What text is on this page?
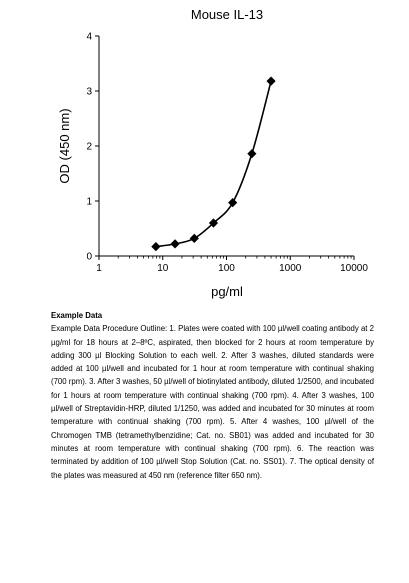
Mouse IL-13
OD (450 nm)
pg/ml
0
1
2
3
4
1	10	100	1000	10000

Example Data

Example Data Procedure Outline: 1. Plates were coated with 100 µl/well coating antibody at 2 µg/ml for 18 hours at 2–8ºC, aspirated, then blocked for 2 hours at room temperature by adding 300 µl Blocking Solution to each well. 2. After 3 washes, diluted standards were added at 100 µl/well and incubated for 1 hour at room temperature with continual shaking (700 rpm). 3. After 3 washes, 50 µl/well of biotinylated antibody, diluted 1/2500, and incubated for 1 hours at room temperature with continual shaking (700 rpm). 4. After 3 washes, 100 µl/well of Streptavidin-HRP, diluted 1/1250, was added and incubated for 30 minutes at room temperature with continual shaking (700 rpm). 5. After 4 washes, 100 µl/well of the Chromogen TMB (tetramethylbenzidine; Cat. no. SB01) was added and incubated for 30 minutes at room temperature with continual shaking (700 rpm). 6. The reaction was terminated by addition of 100 µl/well Stop Solution (Cat. no. SS01). 7. The optical density of the plates was measured at 450 nm (reference filter 650 nm).
